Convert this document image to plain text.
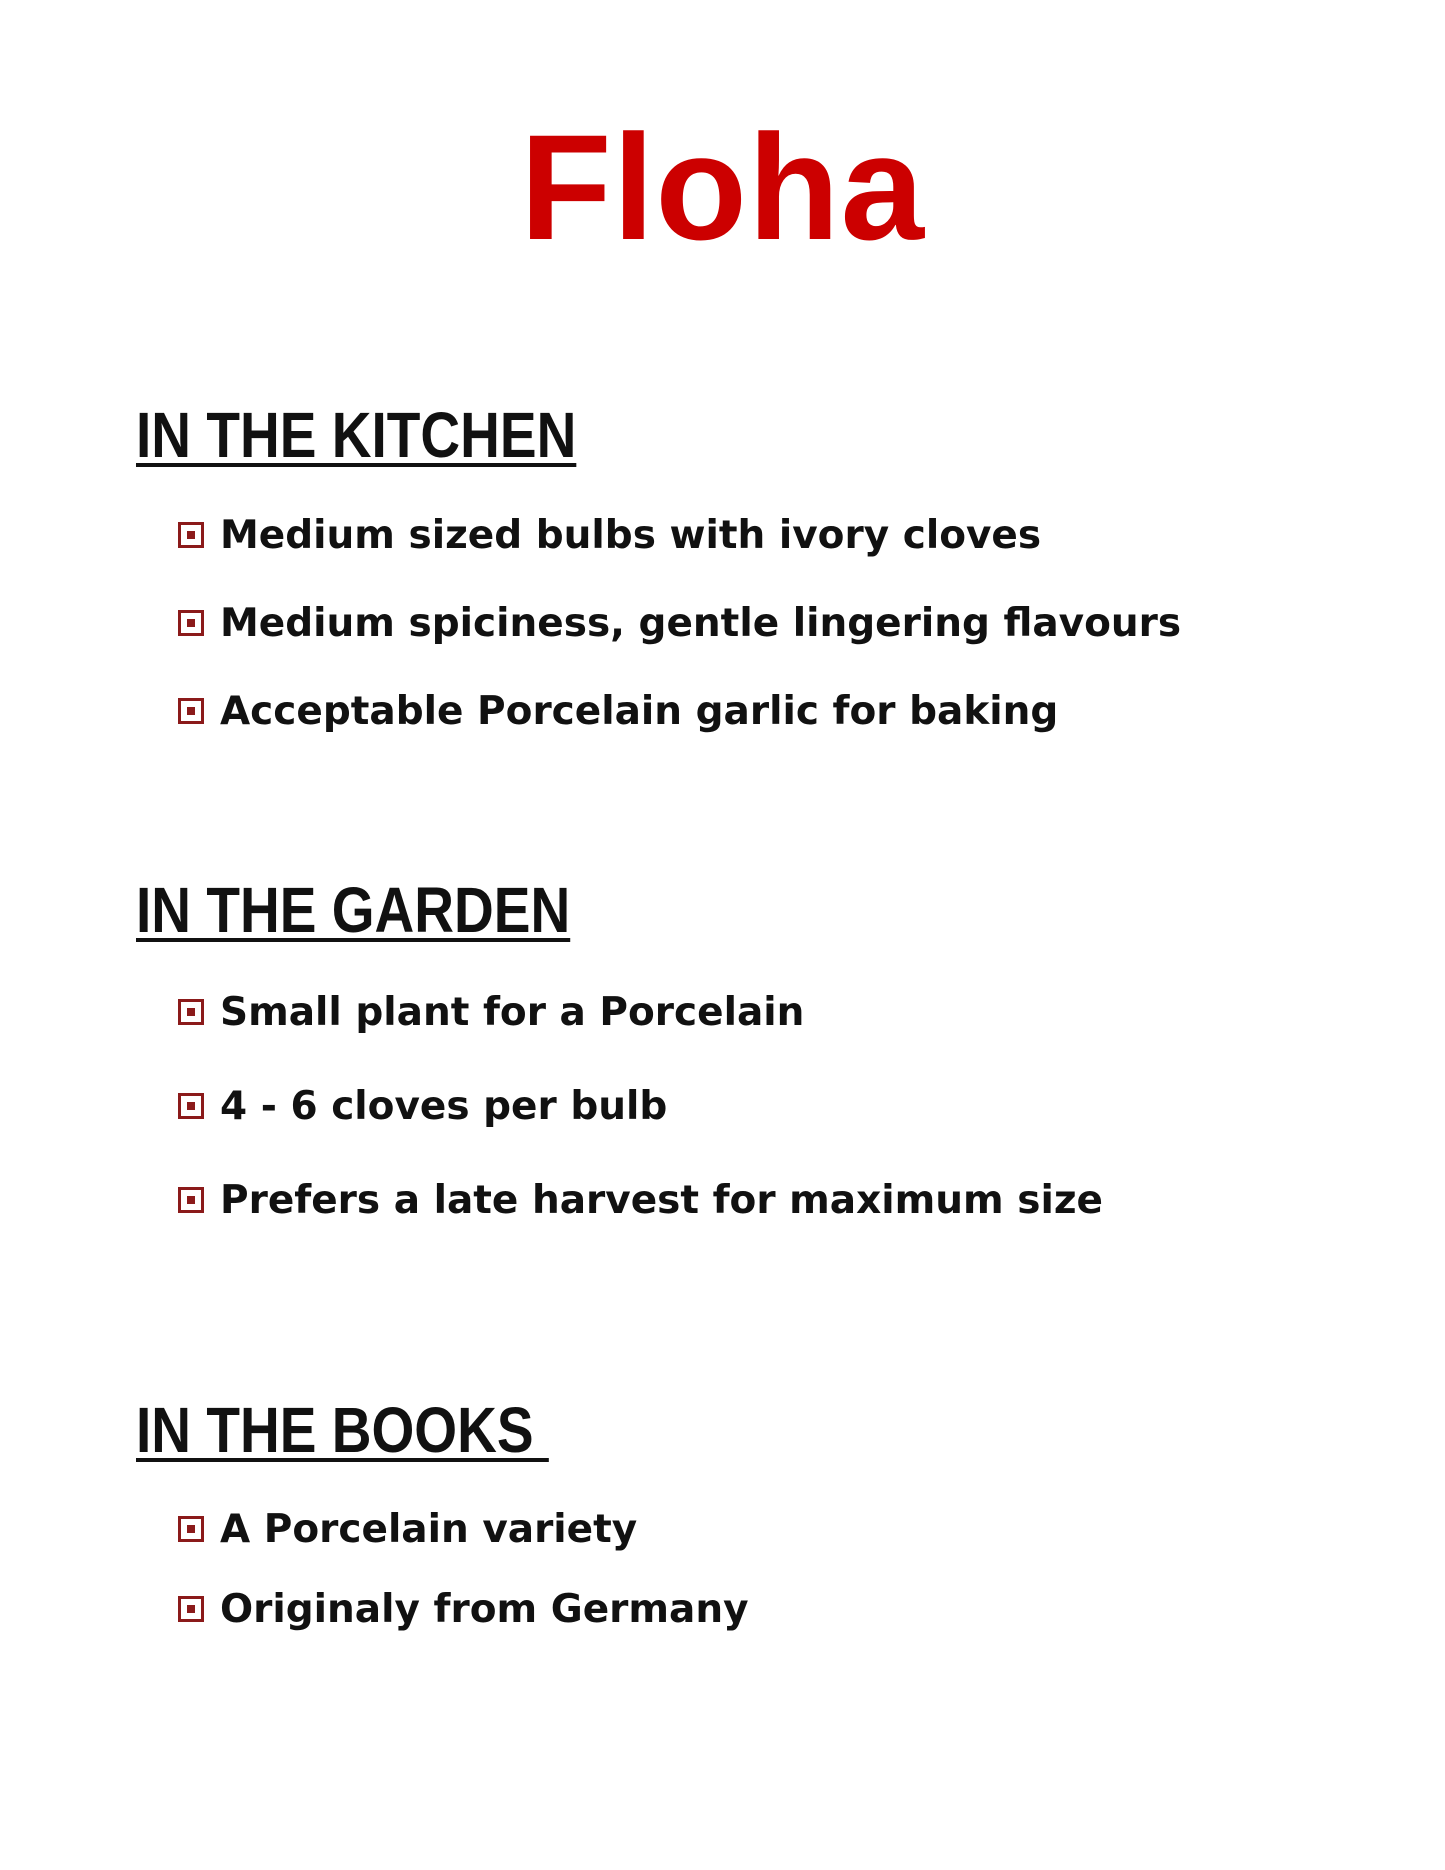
Floha
IN THE KITCHEN
Medium sized bulbs with ivory cloves
Medium spiciness, gentle lingering flavours
Acceptable Porcelain garlic for baking
IN THE GARDEN
Small plant for a Porcelain
4 - 6 cloves per bulb
Prefers a late harvest for maximum size
IN THE BOOKS
A Porcelain variety
Originaly from Germany
